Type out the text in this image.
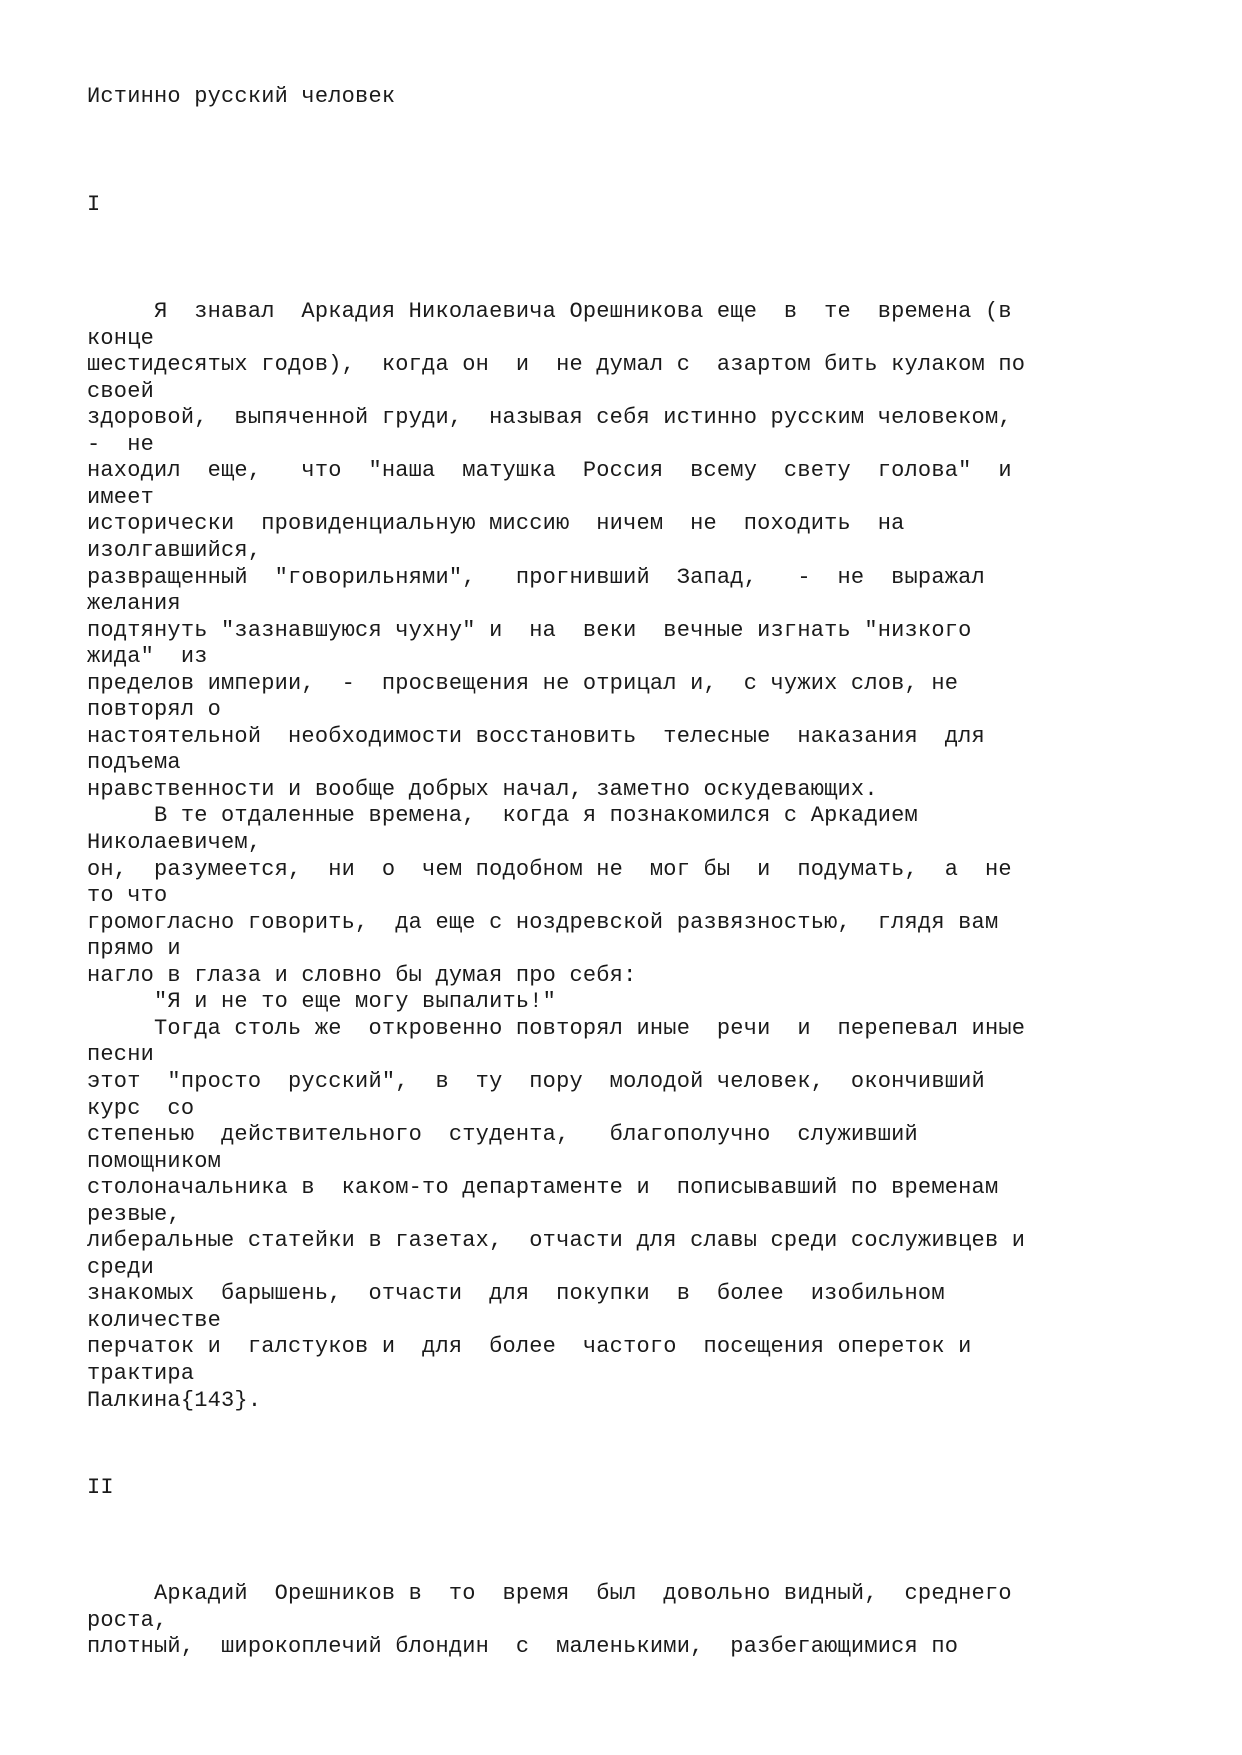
Истинно русский человек
I
Я  знавал  Аркадия Николаевича Орешникова еще  в  те  времена (в
конце
шестидесятых годов),  когда он  и  не думал с  азартом бить кулаком по
своей
здоровой,  выпяченной груди,  называя себя истинно русским человеком,
-  не
находил  еще,   что  "наша  матушка  Россия  всему  свету  голова"  и
имеет
исторически  провиденциальную миссию  ничем  не  походить  на
изолгавшийся,
развращенный  "говорильнями",   прогнивший  Запад,   -  не  выражал
желания
подтянуть "зазнавшуюся чухну" и  на  веки  вечные изгнать "низкого
жида"  из
пределов империи,  -  просвещения не отрицал и,  с чужих слов, не
повторял о
настоятельной  необходимости восстановить  телесные  наказания  для
подъема
нравственности и вообще добрых начал, заметно оскудевающих.
В те отдаленные времена,  когда я познакомился с Аркадием
Николаевичем,
он,  разумеется,  ни  о  чем подобном не  мог бы  и  подумать,  а  не
то что
громогласно говорить,  да еще с ноздревской развязностью,  глядя вам
прямо и
нагло в глаза и словно бы думая про себя:
"Я и не то еще могу выпалить!"
Тогда столь же  откровенно повторял иные  речи  и  перепевал иные
песни
этот  "просто  русский",  в  ту  пору  молодой человек,  окончивший
курс  со
степенью  действительного  студента,   благополучно  служивший
помощником
столоначальника в  каком-то департаменте и  пописывавший по временам
резвые,
либеральные статейки в газетах,  отчасти для славы среди сослуживцев и
среди
знакомых  барышень,  отчасти  для  покупки  в  более  изобильном
количестве
перчаток и  галстуков и  для  более  частого  посещения опереток и
трактира
Палкина{143}.
II
Аркадий  Орешников в  то  время  был  довольно видный,  среднего
роста,
плотный,  широкоплечий блондин  с  маленькими,  разбегающимися по
